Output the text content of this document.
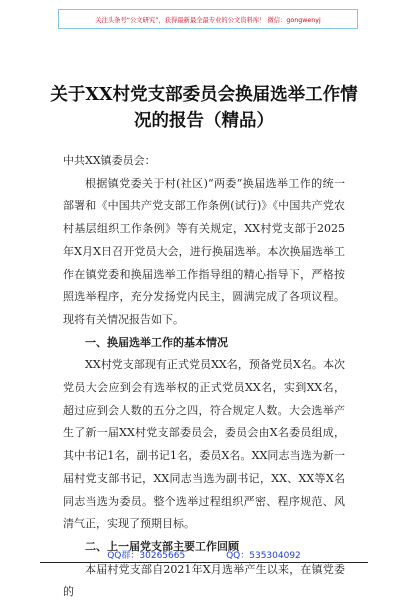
关注头条号“公文研究”，获得最新最全最专业的公文资料库！ 微信：gongwenyj
关于XX村党支部委员会换届选举工作情
况的报告（精品）

中共XX镇委员会：

根据镇党委关于村(社区)“两委”换届选举工作的统一部署和《中国共产党支部工作条例(试行)》《中国共产党农村基层组织工作条例》等有关规定，XX村党支部于2025年X月X日召开党员大会，进行换届选举。本次换届选举工作在镇党委和换届选举工作指导组的精心指导下，严格按照选举程序，充分发扬党内民主，圆满完成了各项议程。现将有关情况报告如下。

一、换届选举工作的基本情况

XX村党支部现有正式党员XX名，预备党员X名。本次党员大会应到会有选举权的正式党员XX名，实到XX名，超过应到会人数的五分之四，符合规定人数。大会选举产生了新一届XX村党支部委员会，委员会由X名委员组成，其中书记1名，副书记1名，委员X名。XX同志当选为新一届村党支部书记，XX同志当选为副书记，XX、XX等X名同志当选为委员。整个选举过程组织严密、程序规范、风清气正，实现了预期目标。

二、上一届党支部主要工作回顾

本届村党支部自2021年X月选举产生以来，在镇党委的

QQ群：30265665	QQ：535304092
